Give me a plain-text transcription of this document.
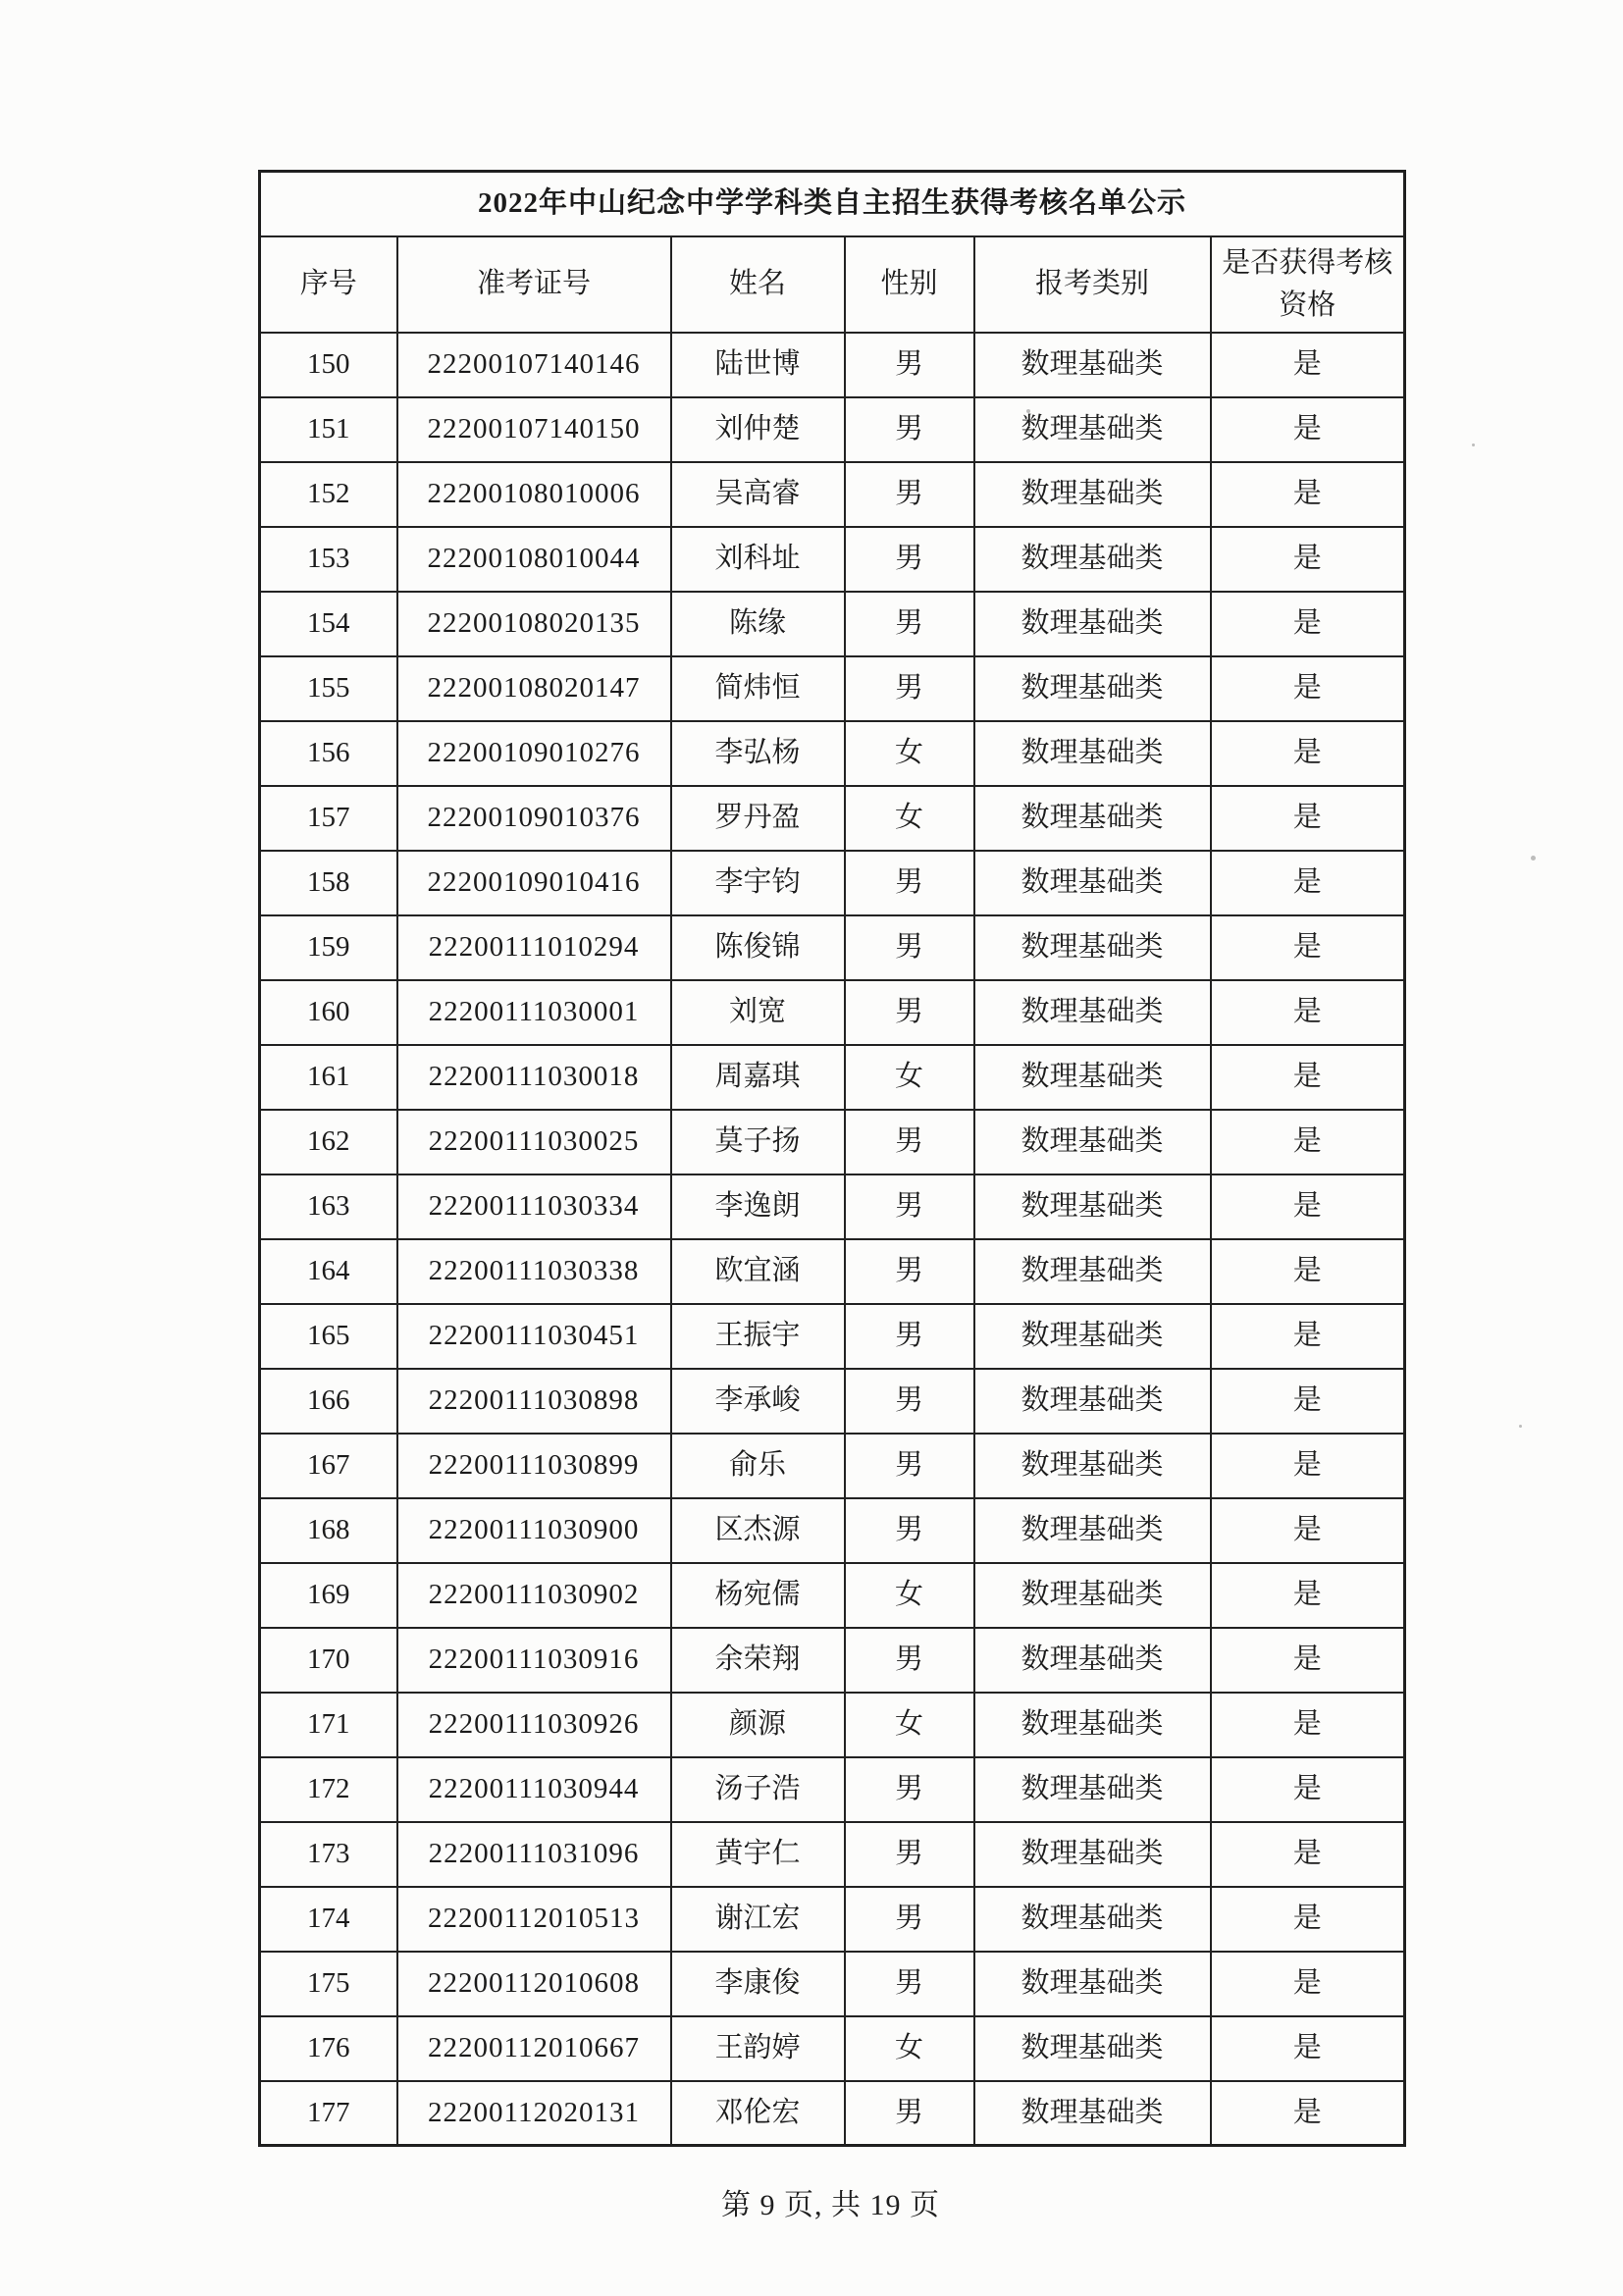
2022年中山纪念中学学科类自主招生获得考核名单公示					
序号	准考证号	姓名	性别	报考类别	是否获得考核资格
150	22200107140146	陆世博	男	数理基础类	是
151	22200107140150	刘仲楚	男	数理基础类	是
152	22200108010006	吴高睿	男	数理基础类	是
153	22200108010044	刘科址	男	数理基础类	是
154	22200108020135	陈缘	男	数理基础类	是
155	22200108020147	简炜恒	男	数理基础类	是
156	22200109010276	李弘杨	女	数理基础类	是
157	22200109010376	罗丹盈	女	数理基础类	是
158	22200109010416	李宇钧	男	数理基础类	是
159	22200111010294	陈俊锦	男	数理基础类	是
160	22200111030001	刘宽	男	数理基础类	是
161	22200111030018	周嘉琪	女	数理基础类	是
162	22200111030025	莫子扬	男	数理基础类	是
163	22200111030334	李逸朗	男	数理基础类	是
164	22200111030338	欧宜涵	男	数理基础类	是
165	22200111030451	王振宇	男	数理基础类	是
166	22200111030898	李承峻	男	数理基础类	是
167	22200111030899	俞乐	男	数理基础类	是
168	22200111030900	区杰源	男	数理基础类	是
169	22200111030902	杨宛儒	女	数理基础类	是
170	22200111030916	余荣翔	男	数理基础类	是
171	22200111030926	颜源	女	数理基础类	是
172	22200111030944	汤子浩	男	数理基础类	是
173	22200111031096	黄宇仁	男	数理基础类	是
174	22200112010513	谢江宏	男	数理基础类	是
175	22200112010608	李康俊	男	数理基础类	是
176	22200112010667	王韵婷	女	数理基础类	是
177	22200112020131	邓伦宏	男	数理基础类	是
第 9 页, 共 19 页
